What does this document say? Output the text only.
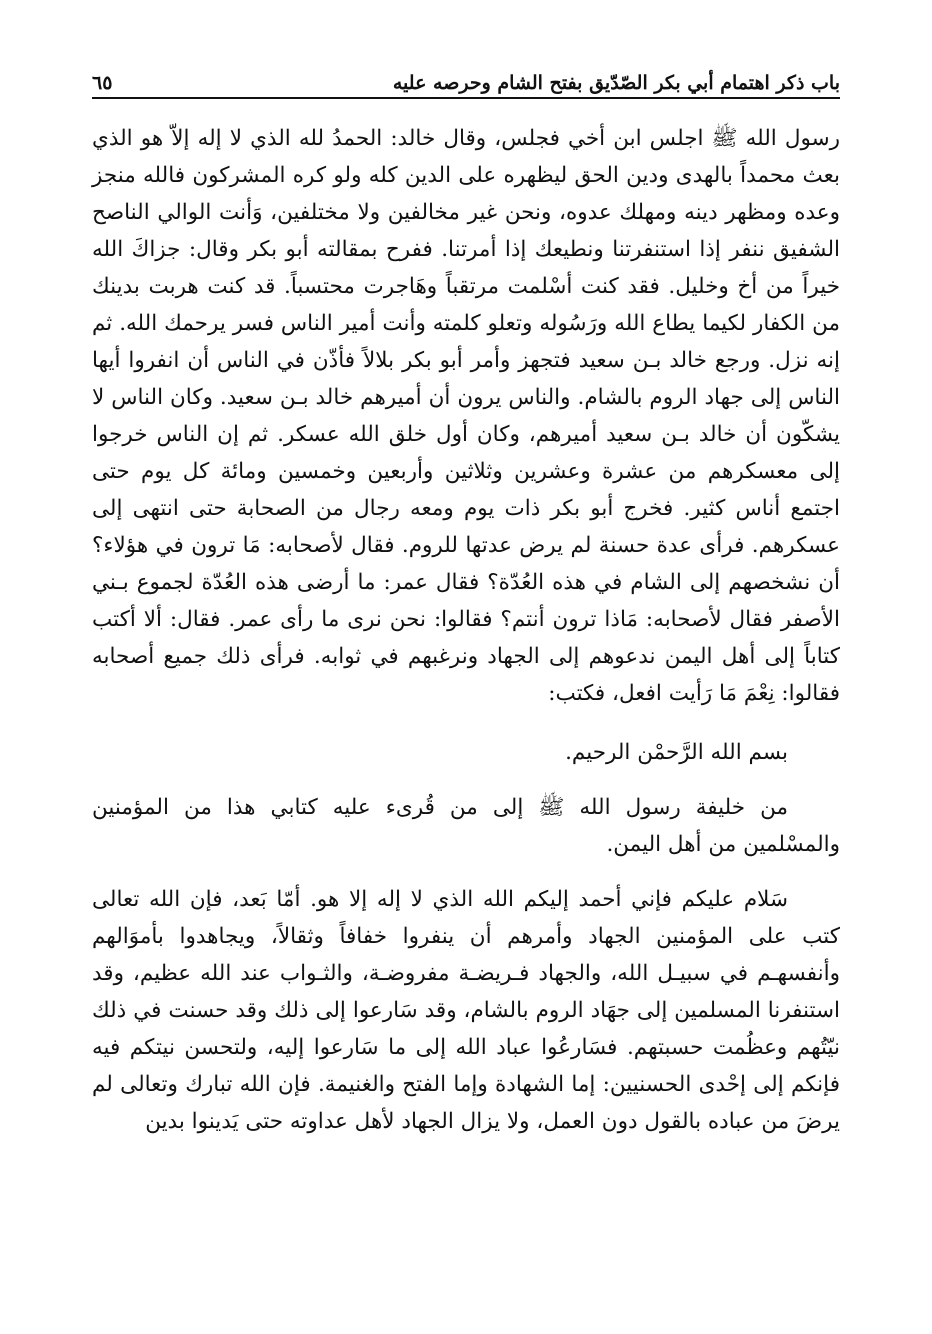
باب ذكر اهتمام أبي بكر الصّدّيق بفتح الشام وحرصه عليه
٦٥

رسول الله ﷺ اجلس ابن أخي فجلس، وقال خالد: الحمدُ لله الذي لا إله إلاّ هو الذي بعث محمداً بالهدى ودين الحق ليظهره على الدين كله ولو كره المشركون فالله منجز وعده ومظهر دينه ومهلك عدوه، ونحن غير مخالفين ولا مختلفين، وَأنت الوالي الناصح الشفيق ننفر إذا استنفرتنا ونطيعك إذا أمرتنا. ففرح بمقالته أبو بكر وقال: جزاكَ الله خيراً من أخ وخليل. فقد كنت أسْلمت مرتقباً وهَاجرت محتسباً. قد كنت هربت بدينك من الكفار لكيما يطاع الله ورَسُوله وتعلو كلمته وأنت أمير الناس فسر يرحمك الله. ثم إنه نزل. ورجع خالد بـن سعيد فتجهز وأمر أبو بكر بلالاً فأذّن في الناس أن انفروا أيها الناس إلى جهاد الروم بالشام. والناس يرون أن أميرهم خالد بـن سعيد. وكان الناس لا يشكّون أن خالد بـن سعيد أميرهم، وكان أول خلق الله عسكر. ثم إن الناس خرجوا إلى معسكرهم من عشرة وعشرين وثلاثين وأربعين وخمسين ومائة كل يوم حتى اجتمع أناس كثير. فخرج أبو بكر ذات يوم ومعه رجال من الصحابة حتى انتهى إلى عسكرهم. فرأى عدة حسنة لم يرض عدتها للروم. فقال لأصحابه: مَا ترون في هؤلاء؟ أن نشخصهم إلى الشام في هذه العُدّة؟ فقال عمر: ما أرضى هذه العُدّة لجموع بـني الأصفر فقال لأصحابه: مَاذا ترون أنتم؟ فقالوا: نحن نرى ما رأى عمر. فقال: ألا أكتب كتاباً إلى أهل اليمن ندعوهم إلى الجهاد ونرغبهم في ثوابه. فرأى ذلك جميع أصحابه فقالوا: نِعْمَ مَا رَأيت افعل، فكتب:

بسم الله الرَّحمْن الرحيم.

من خليفة رسول الله ﷺ إلى من قُرىء عليه كتابي هذا من المؤمنين والمسْلمين من أهل اليمن.

سَلام عليكم فإني أحمد إليكم الله الذي لا إله إلا هو. أمّا بَعد، فإن الله تعالى كتب على المؤمنين الجهاد وأمرهم أن ينفروا خفافاً وثقالاً، ويجاهدوا بأموَالهم وأنفسهـم في سبيـل الله، والجهاد فـريضـة مفروضـة، والثـواب عند الله عظيم، وقد استنفرنا المسلمين إلى جهَاد الروم بالشام، وقد سَارعوا إلى ذلك وقد حسنت في ذلك نيّتُهم وعظُمت حسبتهم. فسَارعُوا عباد الله إلى ما سَارعوا إليه، ولتحسن نيتكم فيه فإنكم إلى إحْدى الحسنيين: إما الشهادة وإما الفتح والغنيمة. فإن الله تبارك وتعالى لم يرضَ من عباده بالقول دون العمل، ولا يزال الجهاد لأهل عداوته حتى يَدينوا بدين
